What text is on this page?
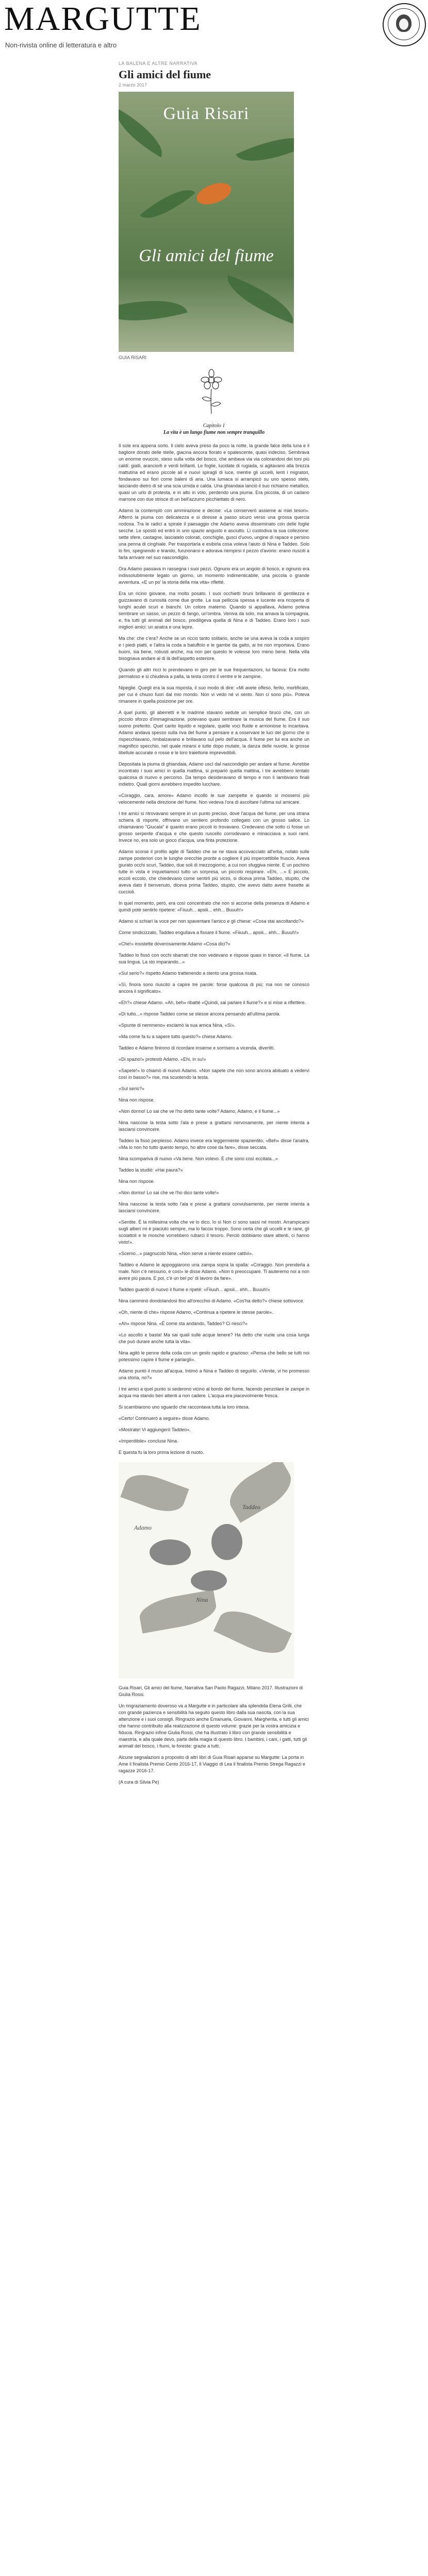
MARGUTTE
Non-rivista online di letteratura e altro
LA BALENA E ALTRE NARRATIVA
Gli amici del fiume
2 marzo 2017
Guia Risari
Gli amici del fiume
GUIA RISARI
Capitolo 1
La vita è un lungo fiume non sempre tranquillo

Il sole era appena sorto. Il cielo aveva preso da poco la notte, la grande falce della luna e il bagliore dorato delle stelle, giacina ancora fiorato e opalescente, quasi indeciso. Sembrava un enorme ovuccio, steso sulla volta del bosco, che ambava via via colorandosi dei toni più caldi: gialli, aranciorti e verdi brillanti. Le foglie, lucidate di rugiada, si agitavano alla brezza mattutina ed erano piccole ali e nuovi spiragli di luce, mentre gli uccelli, lenti i migratori, fondavano sui fiori come baleni di aria. Una lumaca si arrampicò su uno spesso stelo, lasciando dietro di sé una scia umida e calda. Una ghiandaia lanciò il suo richiamo metallico, quasi un urlo di protesta, e in alto in volo, perdendo una piuma. Era piccola, di un cadano marrone con due strisce di un bell'azzurro picchiettato di nero.

Adamo la contemplò con ammirazione e decise: «La conserverò assieme ai miei tesori». Afferrò la piuma con delicatezza e si diresse a passo sicuro verso una grossa quercia nodosa. Tra le radici a spirale il paesaggio che Adamo aveva disseminato con delle foglie secche. Le spostò ed entrò in uno spazio angusto e asciutto. Lì custodiva la sua collezione: sette sfere, castagne, lasciatelo colorati, conchiglie, gusci d'uovo, ungine di rapace e persino una penna di cinghiale. Per trasportarla e esibirla cosa voleva l'aiuto di Nina e Taddeo. Solo lo fim, spegnendo e tirando, funzionarsi e adorava riempirsi il pezzo d'avorio: erano riusciti a farla arrivare nel suo nascondiglio.

Ora Adamo passava in rassegna i suoi pezzi. Ognuno era un angolo di bosco, e ognuno era indissolubilmente legato un giorno, un momento indimenticabile, una piccola o grande avventura. «E un po' la storia della mia vita» rifletté.

Era un ricino giovane, ma molto posato. I suoi occhietti bruni brillavano di gentilezza e guizzavano di curiosità come due grotte. La sua pelliccia spessa e lucente era ricoperta di lunghi aculei scuri e bianchi. Un colore materno. Quando si appallava, Adamo poteva sembrare un sasso, un pezzo di fango, un'ombra. Veniva da solo, ma amava la compagnia, e, fra tutti gli animali del bosco, prediligeva quella di Nina e di Taddeo. Erano loro i suoi migliori amici: un anatra e una lepre.

Ma che: che c'era? Anche se un riccio tanto solitario, anche se una aveva la coda a sospiro e i piedi piatti, e l'altra la coda a batuffolo e le gambe da gatto, ai tre non importava. Erano buoni, sia bene, robusti anche, ma non per questo le volesse loro meno bene. Nella villa bisognava andare al di là dell'aspetto esteriore.

Quando gli altri ricci lo prendevano in giro per le sue frequentazioni, lui faceva: Era molto permaloso e si chiudeva a palla, la testa contro il ventre e le zampine.

Nipeglie. Quegli era la sua risposta, il suo modo di dire: «Mi avete offeso, ferito, mortificato, per cui è chiuso fuori dal mio mondo. Non vi vedo né vi sento. Non ci sono più». Poteva rimanere in quella posizione per ore.

A quel punto, gli aberrettì e le madrine stavano sedute un semplice bruco che, con un piccolo sforzo d'immaginazione, potevano quasi sembrare la musica del fiume. Era il suo suono preferito. Quel canto liquido e regolare, quelle voci fluide e armoniose lo incantava. Adamo andava spesso sulla riva del fiume a pensare e a osservare le luci del giorno che si rispecchiavano, rimbalzavano e brillavano sul pelo dell'acqua. Il fiume per lui era anche un magnifico specchio, nel quale mirarsi e tutte dopo mutate, la danza delle nuvole, le grosse libellule accurate o rosse e le loro traiettorie imprevedibili.

Depositata la piuma di ghiandaia, Adamo uscì dal nascondiglio per andare al fiume. Avrebbe incontrato i suoi amici in quella mattina, si prepariò quella mattina, i tre avrebbero lentato qualcosa di nuovo e percorso. Da tempo desideravano di tempo e non li lambivano finali indietro. Quali giorni avrebbero impedito lucchare.

«Coraggio, cara, amore» Adamo incollò le sue zampette e quando si mosseroi più velocemente nella direzione del fiume. Non vedeva l'ora di ascoltare l'ultima sul amicare.

I tre amici si ritrovavano sempre in un punto preciso, dove l'acqua del fiume, per una strana schiera di risporte, offrivano un sentiero profondo collegato con un grosso salice. Lo chiamavano "Giucala" è quanto erano piccoli lo trovavano. Credevano che sotto ci fosse un grosso serpente d'acqua e che questo ruscello corrodevano e minacciava a suoi rami. Invece no, era solo un gioco d'acqua, una finta protezione.

Adamo scorse il profilo agile di Taddeo che se ne stava accovacciato all'erba, notato sulle zampe posteriori con le lunghe orecchie pronte a cogliere il più impercettibile fruscio. Aveva giurato occhi scuri, Taddeo, due soli di mezzogiorno, a cui non sfuggiva niente. E un pochino tutte in vista e inquietiamoci tutto un sorpresa, un piccolo respirare. «Ehi, ...» E piccolo, eccoli eccolo, che chiedevano come sentirli più vicini, si diceva prima Taddeo, stupito, che aveva dato il benvenuto, diceva prima Taddeo, stupito, che avevo datto avere frasette ai cuccioli.

In quel momento, però, era così concentrato che non si accorse della presenza di Adamo e quindi potè sentirlo ripetere: «Fiiuuh... apsiii... ehh... Buuuh!»

Adamo si schiarì la voce per non spaventare l'amico e gli chiese: «Cosa stai ascoltando?»

Come sindicizzato, Taddeo engullava a fissare il fiume. «Fiiuuh... apsiii... ehh... Buuuh!»

«Che!» insistette doverosamente Adamo «Cosa dici?»

Taddeo lo fissò con occhi sbarrati che non vedevano e rispose quasi in trance: «Il fiume. La sua lingua. La sto imparando...»

«Sul serio?» rispetto Adamo trattenendo a stento una grossa risata.

«Sì, finora sono riuscito a capire tre parole: forse qualcosa di più; ma non ne conosco ancora il significato».

«Eh?» chiese Adamo. «Ah, beh» ribatté «Quindi, sai parlare il fiume?» e si mise a riflettere.

«Di tutto...» rispose Taddeo come se stesse ancora pensando all'ultima parola.

«Spunte di nemmeno» esclamò la sua amica Nina, «Sì».

«Ma come fa tu a sapere tutto questo?» chiese Adamo.

Taddeo e Adamo finirono di ricordare insieme e sorrisero a vicenda, divertiti.

«Di spazio!» protestò Adamo. «Ehi, in su!»

«Sapete!» lo chiamò di nuovo Adamo. «Non sapete che non sono ancora abituato a vedervi così in basso?» rise, ma scuotendo la testa.

«Sul serio?»

Nina non rispose.

«Non dormo! Lo sai che ve l'ho detto tante volte? Adamo, Adamo, e il fiume...»

Nina nascose la testa sotto l'ala e prese a grattarsi nervosamente, per niente intenta a lasciarsi convincere.

Taddeo la fissò perplesso. Adamo invece era leggermente spazientito, «Beh» disse l'anatra, «Ma io non ho tutto questo tempo, ho altre cose da fare», disse seccata.

Nina scompariva di nuovo «Va bene. Non volevo. È che sono così eccitata...»

Taddeo la studiò: «Hai paura?»

Nina non rispose.

«Non dormo! Lo sai che ve l'ho dico tante volte!»

Nina nascose la testa sotto l'ala e prese a grattarsi convulsamente, per niente intenta a lasciarsi convincere.

«Sentite. È la millesima volta che ve lo dico. Io sì Non ci sono sassi né mostri. Arrampicarsi sugli alberi mi è piaciuto sempre, ma lo faccio troppo. Sono certa che gli uccelli e le rane, gli scoiattoli e le mosche vorrebbero rubarci il tesoro. Perciò dobbiamo stare attenti, ci hanno visto!».

«Scemo...» piagnucolò Nina, «Non serve a niente essere cattivi».

Taddeo e Adamo le appoggiarono una zampa sopra la spalla: «Coraggio. Non prenderla a male. Non c'è nessuno, è così» le disse Adamo. «Non ti preoccupare. Ti aiuteremo noi a non avere più paura. E poi, c'è un bel po' di lavoro da fare».

Taddeo guardò di nuovo il fiume e ripeté: «Fiiuuh... apsiii... ehh... Buuuh!»

Nina camminò dondolandosi fino all'orecchio di Adamo. «Cos'ha detto?» chiese sottovoce.

«Oh, niente di che» rispose Adamo, «Continua a ripetere le stesse parole».

«Ah» rispose Nina. «È come sta andando, Taddeo? Ci riesci?»

«Lo ascolto e basta! Ma sai quali sulle acque tenere? Ha detto che vuole una cosa lunga che può durare anche tutta la vita».

Nina agitò le penne della coda con un gesto rapido e grazioso: «Pensa che bello se tutti noi potessimo capire il fiume e parlargli».

Adamo puntò il muso all'acqua. Intimò a Nina e Taddeo di seguirlo. «Venite, vi ho promesso una storia, no?»

I tre amici a quel punto si sederono vicino al bordo del fiume, facendo penzolare le zampe in acqua ma stando ben attenti a non cadere. L'acqua era piacevolmente fresca.

Si scambiarono uno sguardo che raccontava tutta la loro intesa.

«Certo! Continuerò a seguire» disse Adamo.

«Mostrate! Vi aggiungerò Taddeo».

«Imperdibile» concluse Nina.

E questa fu la loro prima lezione di nuoto.

Taddeo
Adamo
Nina

Guia Risari, Gli amici del fiume, Narrativa San Paolo Ragazzi, Milano 2017. Illustrazioni di Giulia Rossi.

Un ringraziamento doveroso va a Margutte e in particolare alla splendida Elena Grilli, che con grande pazienza e sensibilità ha seguito questo libro dalla sua nascita, con la sua attenzione e i suoi consigli. Ringrazio anche Emanuela, Giovanni, Margherita, e tutti gli amici che hanno contribuito alla realizzazione di questo volume: grazie per la vostra amicizia e fiducia. Ringrazio infine Giulia Rossi, che ha illustrato il libro con grande sensibilità e maestria, e alla quale devo, parte della magia di questo libro. I bambini, i cani, i gatti, tutti gli animali del bosco, i fiumi, le foreste: grazie a tutti.

Alcune segnalazioni a proposito di altri libri di Guia Risari apparse su Margutte: La porta in Ame il finalista Premio Cento 2016-17, Il Viaggio di Lea il finalista Premio Strega Ragazzi e ragazze 2016-17.

(A cura di Silvia Pe)
